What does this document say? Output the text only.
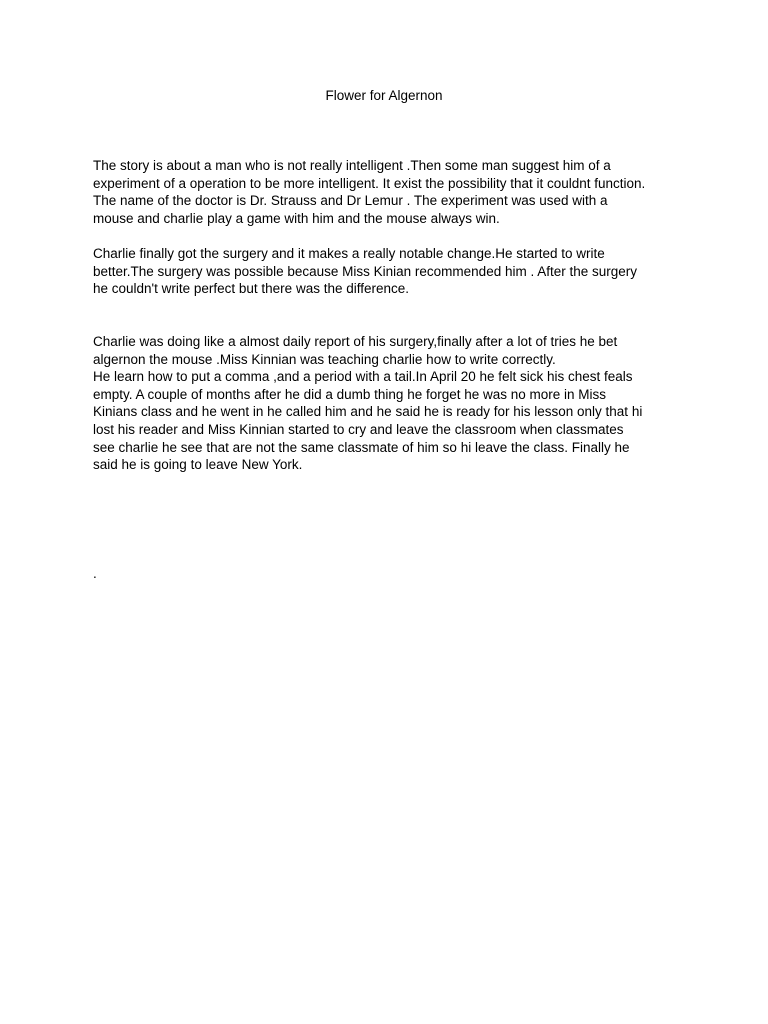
Flower for Algernon

The story is about a man who is not really intelligent .Then some man suggest him of a
experiment of a operation to be more intelligent. It exist the possibility that it couldnt function.
The name of the doctor is Dr. Strauss and Dr Lemur . The experiment was used with a
mouse and charlie play a game with him and the mouse always win.

Charlie finally got the surgery and it makes a really notable change.He started to write
better.The surgery was possible because Miss Kinian recommended him . After the surgery
he couldn't write perfect but there was the difference.

Charlie was doing like a almost daily report of his surgery,finally after a lot of tries he bet
algernon the mouse .Miss Kinnian was teaching charlie how to write correctly.
He learn how to put a comma ,and a period with a tail.In April 20 he felt sick his chest feals
empty. A couple of months after he did a dumb thing he forget he was no more in Miss
Kinians class and he went in he called him and he said he is ready for his lesson only that hi
lost his reader and Miss Kinnian started to cry and leave the classroom when classmates
see charlie he see that are not the same classmate of him so hi leave the class. Finally he
said he is going to leave New York.

.
